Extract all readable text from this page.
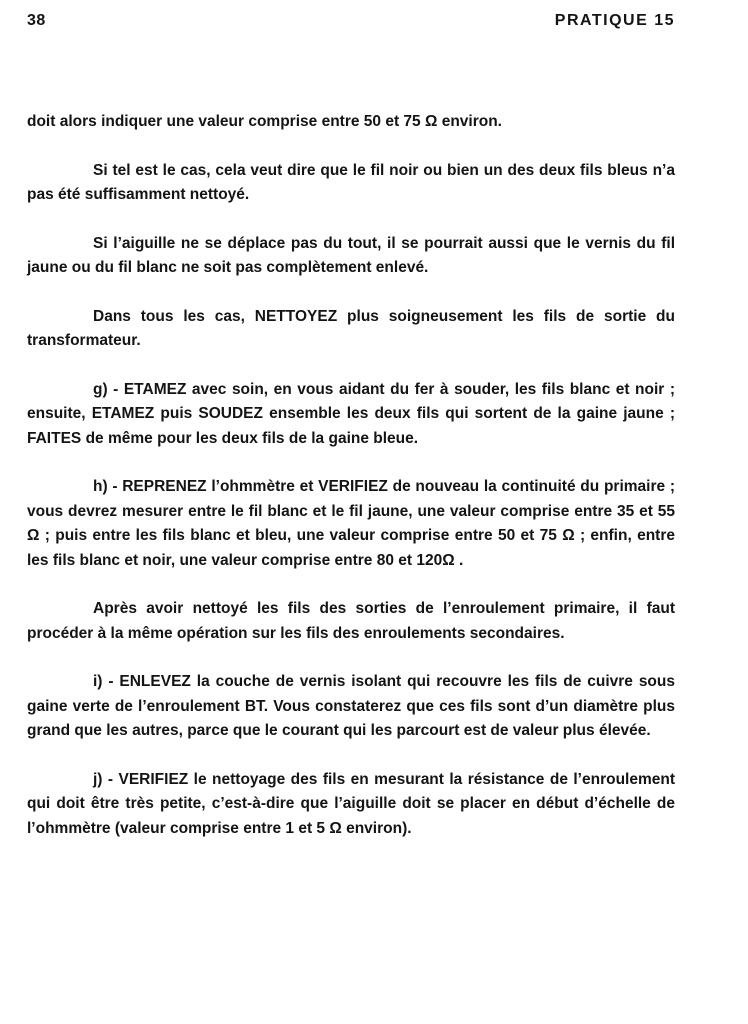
38	PRATIQUE 15

doit alors indiquer une valeur comprise entre 50 et 75 Ω environ.

Si tel est le cas, cela veut dire que le fil noir ou bien un des deux fils bleus n’a pas été suffisamment nettoyé.

Si l’aiguille ne se déplace pas du tout, il se pourrait aussi que le vernis du fil jaune ou du fil blanc ne soit pas complètement enlevé.

Dans tous les cas, NETTOYEZ plus soigneusement les fils de sortie du transformateur.

g) - ETAMEZ avec soin, en vous aidant du fer à souder, les fils blanc et noir ; ensuite, ETAMEZ puis SOUDEZ ensemble les deux fils qui sortent de la gaine jaune ; FAITES de même pour les deux fils de la gaine bleue.

h) - REPRENEZ l’ohmmètre et VERIFIEZ de nouveau la continuité du primaire ; vous devrez mesurer entre le fil blanc et le fil jaune, une valeur comprise entre 35 et 55 Ω ; puis entre les fils blanc et bleu, une valeur comprise entre 50 et 75 Ω ; enfin, entre les fils blanc et noir, une valeur comprise entre 80 et 120Ω .

Après avoir nettoyé les fils des sorties de l’enroulement primaire, il faut procéder à la même opération sur les fils des enroulements secondaires.

i) - ENLEVEZ la couche de vernis isolant qui recouvre les fils de cuivre sous gaine verte de l’enroulement BT. Vous constaterez que ces fils sont d’un diamètre plus grand que les autres, parce que le courant qui les parcourt est de valeur plus élevée.

j) - VERIFIEZ le nettoyage des fils en mesurant la résistance de l’enroulement qui doit être très petite, c’est-à-dire que l’aiguille doit se placer en début d’échelle de l’ohmmètre (valeur comprise entre 1 et 5 Ω environ).
